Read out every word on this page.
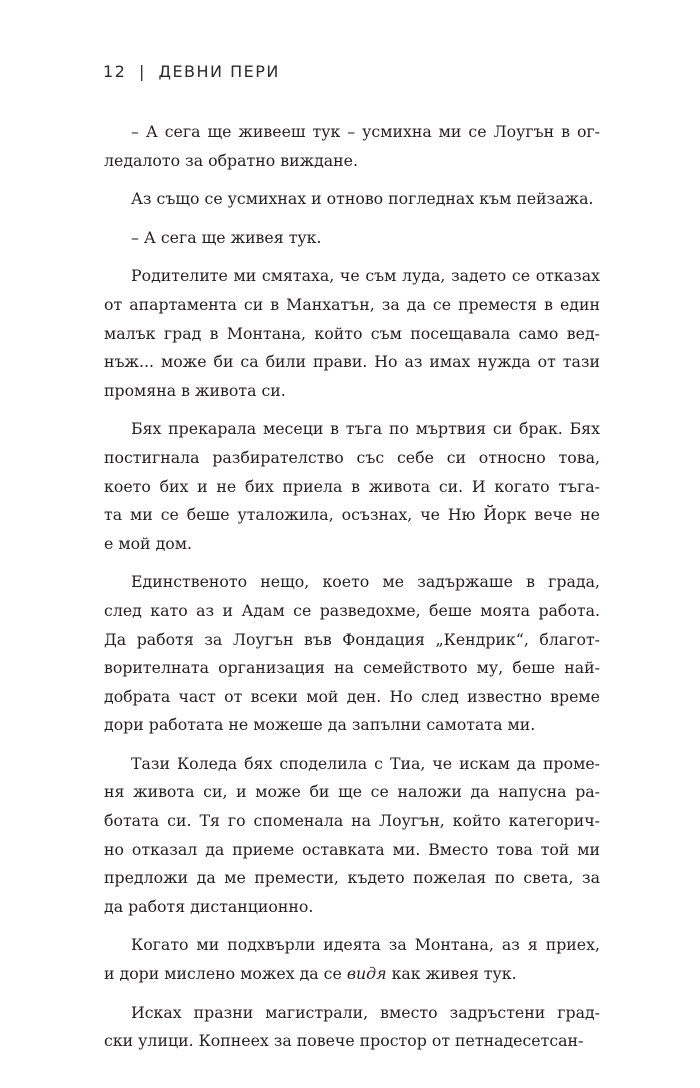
12 | ДЕВНИ ПЕРИ

– А сега ще живееш тук – усмихна ми се Лоугън в ог-
ледалото за обратно виждане.

Аз също се усмихнах и отново погледнах към пейзажа.

– А сега ще живея тук.

Родителите ми смятаха, че съм луда, задето се отказах
от апартамента си в Манхатън, за да се преместя в един
малък град в Монтана, който съм посещавала само вед-
нъж... може би са били прави. Но аз имах нужда от тази
промяна в живота си.

Бях прекарала месеци в тъга по мъртвия си брак. Бях
постигнала разбирателство със себе си относно това,
което бих и не бих приела в живота си. И когато тъга-
та ми се беше уталожила, осъзнах, че Ню Йорк вече не
е мой дом.

Единственото нещо, което ме задържаше в града,
след като аз и Адам се разведохме, беше моята работа.
Да работя за Лоугън във Фондация „Кендрик“, благот-
ворителната организация на семейството му, беше най-
добрата част от всеки мой ден. Но след известно време
дори работата не можеше да запълни самотата ми.

Тази Коледа бях споделила с Тиа, че искам да проме-
ня живота си, и може би ще се наложи да напусна ра-
ботата си. Тя го споменала на Лоугън, който категорич-
но отказал да приеме оставката ми. Вместо това той ми
предложи да ме премести, където пожелая по света, за
да работя дистанционно.

Когато ми подхвърли идеята за Монтана, аз я приех,
и дори мислено можех да се видя как живея тук.

Исках празни магистрали, вместо задръстени град-
ски улици. Копнеех за повече простор от петнадесетсан-
